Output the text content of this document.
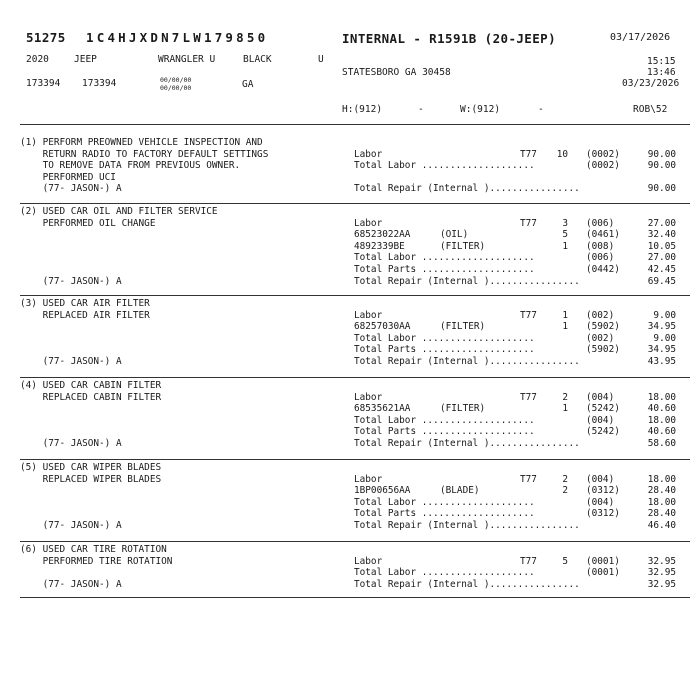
51275 1C4HJXDN7LW179850	INTERNAL - R1591B (20-JEEP)	03/17/2026
2020	JEEP	WRANGLER U	BLACK	U
STATESBORO GA 30458
15:15
13:46
03/23/2026
173394 173394	00/00/00
00/00/00	GA
H:(912)	-	W:(912)	-	ROB\52
(1) PERFORM PREOWNED VEHICLE INSPECTION AND
RETURN RADIO TO FACTORY DEFAULT SETTINGS
TO REMOVE DATA FROM PREVIOUS OWNER.
PERFORMED UCI
(77- JASON-) A
Labor	T77 10 (0002)	90.00
Total Labor ....................	(0002)	90.00
Total Repair (Internal )................	90.00
(2) USED CAR OIL AND FILTER SERVICE
PERFORMED OIL CHANGE
(77- JASON-) A
Labor	T77	3 (006)	27.00
68523022AA	(OIL)	5 (0461)	32.40
4892339BE	(FILTER)	1 (008)	10.05
Total Labor ....................	(006)	27.00
Total Parts ....................	(0442)	42.45
Total Repair (Internal )................	69.45
(3) USED CAR AIR FILTER
REPLACED AIR FILTER
(77- JASON-) A
Labor	T77	1 (002)	9.00
68257030AA	(FILTER)	1 (5902)	34.95
Total Labor ....................	(002)	9.00
Total Parts ....................	(5902)	34.95
Total Repair (Internal )................	43.95
(4) USED CAR CABIN FILTER
REPLACED CABIN FILTER
(77- JASON-) A
Labor	T77	2 (004)	18.00
68535621AA	(FILTER)	1 (5242)	40.60
Total Labor ....................	(004)	18.00
Total Parts ....................	(5242)	40.60
Total Repair (Internal )................	58.60
(5) USED CAR WIPER BLADES
REPLACED WIPER BLADES
(77- JASON-) A
Labor	T77	2 (004)	18.00
1BP00656AA	(BLADE)	2 (0312)	28.40
Total Labor ....................	(004)	18.00
Total Parts ....................	(0312)	28.40
Total Repair (Internal )................	46.40
(6) USED CAR TIRE ROTATION
PERFORMED TIRE ROTATION
(77- JASON-) A
Labor	T77	5 (0001)	32.95
Total Labor ....................	(0001)	32.95
Total Repair (Internal )................	32.95
